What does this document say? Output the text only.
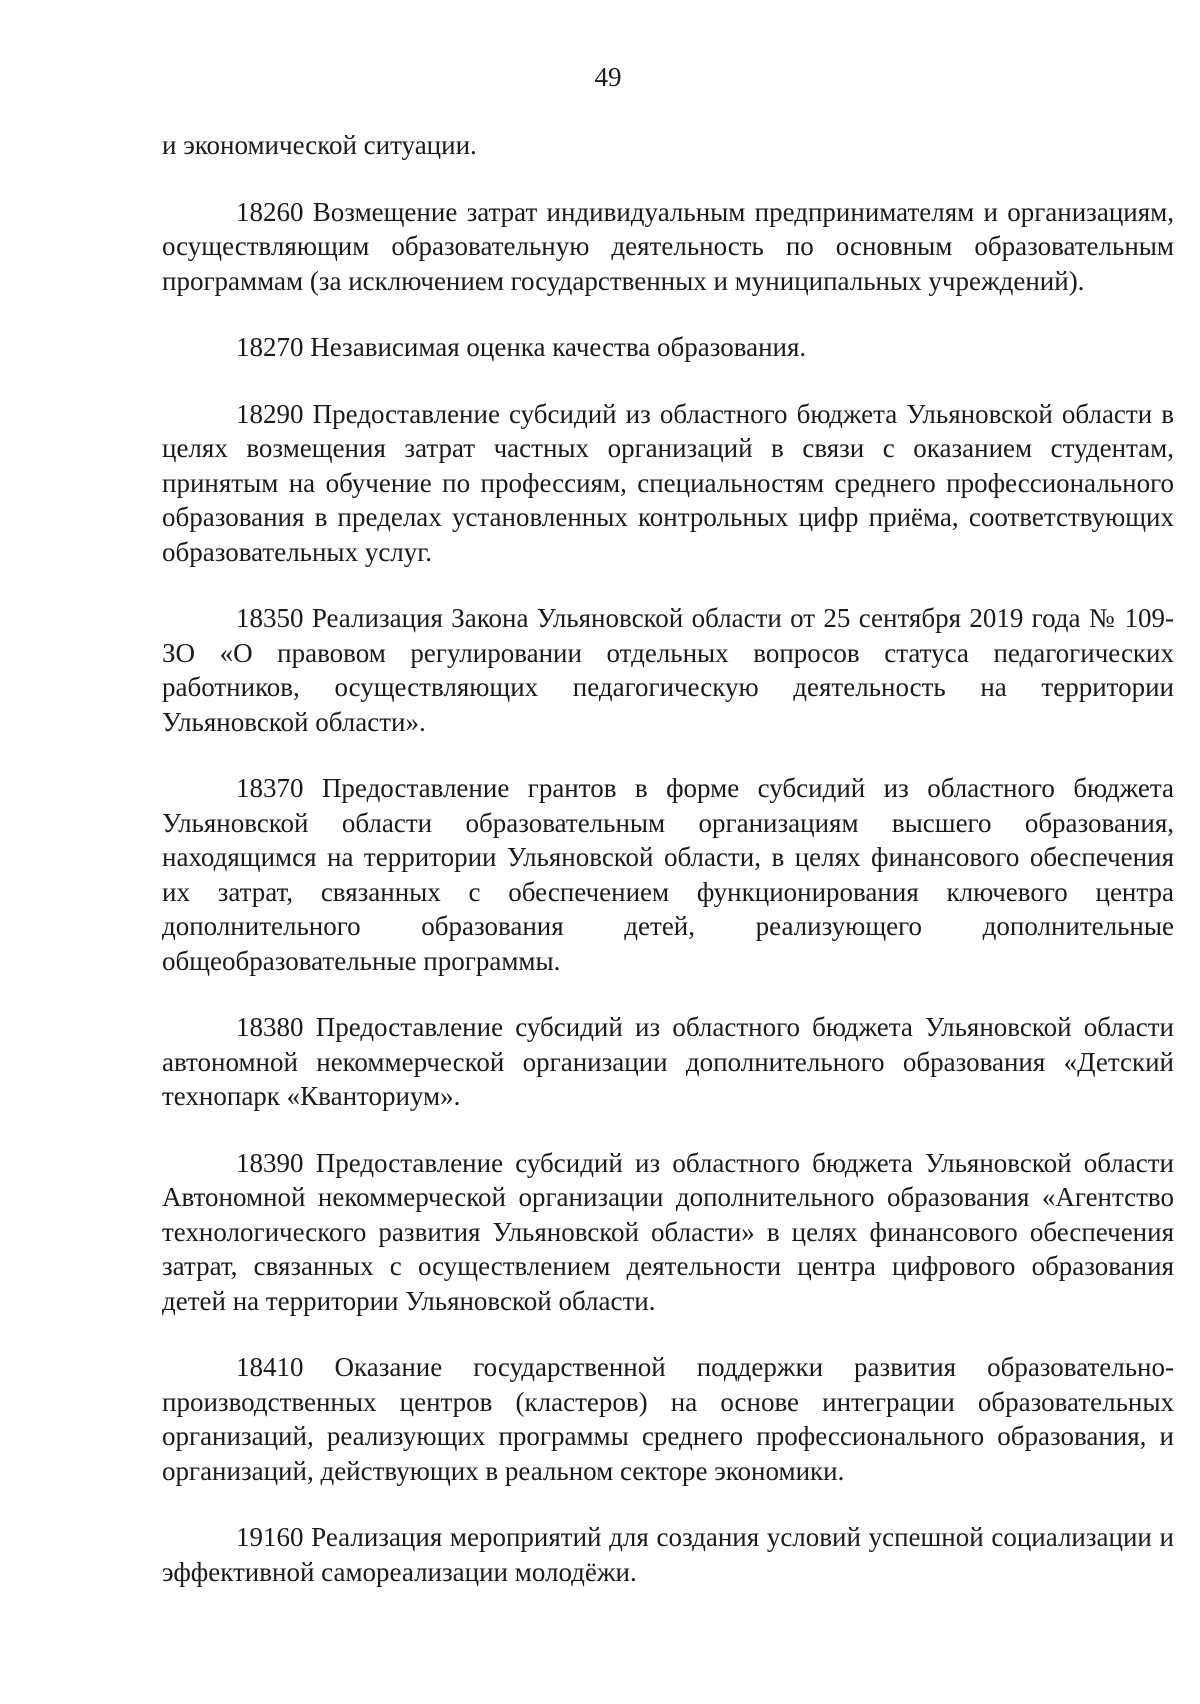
49

и экономической ситуации.

18260 Возмещение затрат индивидуальным предпринимателям и организациям, осуществляющим образовательную деятельность по основным образовательным программам (за исключением государственных и муниципальных учреждений).

18270 Независимая оценка качества образования.

18290 Предоставление субсидий из областного бюджета Ульяновской области в целях возмещения затрат частных организаций в связи с оказанием студентам, принятым на обучение по профессиям, специальностям среднего профессионального образования в пределах установленных контрольных цифр приёма, соответствующих образовательных услуг.

18350 Реализация Закона Ульяновской области от 25 сентября 2019 года № 109-ЗО «О правовом регулировании отдельных вопросов статуса педагогических работников, осуществляющих педагогическую деятельность на территории Ульяновской области».

18370 Предоставление грантов в форме субсидий из областного бюджета Ульяновской области образовательным организациям высшего образования, находящимся на территории Ульяновской области, в целях финансового обеспечения их затрат, связанных с обеспечением функционирования ключевого центра дополнительного образования детей, реализующего дополнительные общеобразовательные программы.

18380 Предоставление субсидий из областного бюджета Ульяновской области автономной некоммерческой организации дополнительного образования «Детский технопарк «Кванториум».

18390 Предоставление субсидий из областного бюджета Ульяновской области Автономной некоммерческой организации дополнительного образования «Агентство технологического развития Ульяновской области» в целях финансового обеспечения затрат, связанных с осуществлением деятельности центра цифрового образования детей на территории Ульяновской области.

18410 Оказание государственной поддержки развития образовательно-производственных центров (кластеров) на основе интеграции образовательных организаций, реализующих программы среднего профессионального образования, и организаций, действующих в реальном секторе экономики.

19160 Реализация мероприятий для создания условий успешной социализации и эффективной самореализации молодёжи.
